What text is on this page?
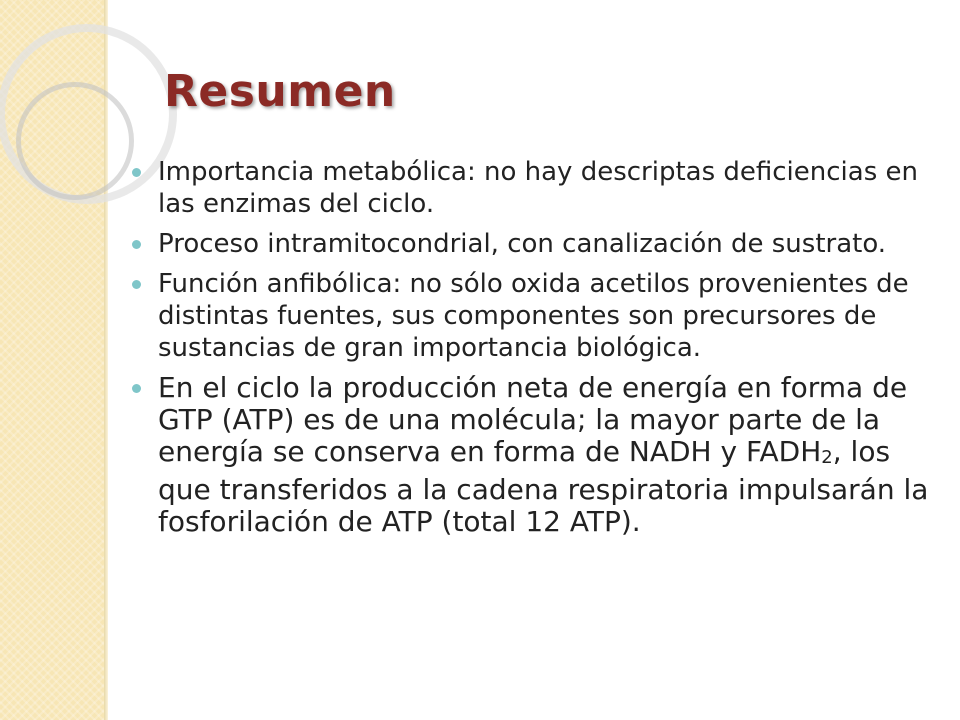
Resumen
Importancia metabólica: no hay descriptas deficiencias en las enzimas del ciclo.
Proceso intramitocondrial, con canalización de sustrato.
Función anfibólica: no sólo oxida acetilos provenientes de distintas fuentes, sus componentes son precursores de sustancias de gran importancia biológica.
En el ciclo la producción neta de energía en forma de GTP (ATP) es de una molécula; la mayor parte de la energía se conserva en forma de NADH y $FADH_2$, los que transferidos a la cadena respiratoria impulsarán la fosforilación de ATP (total 12 ATP).
